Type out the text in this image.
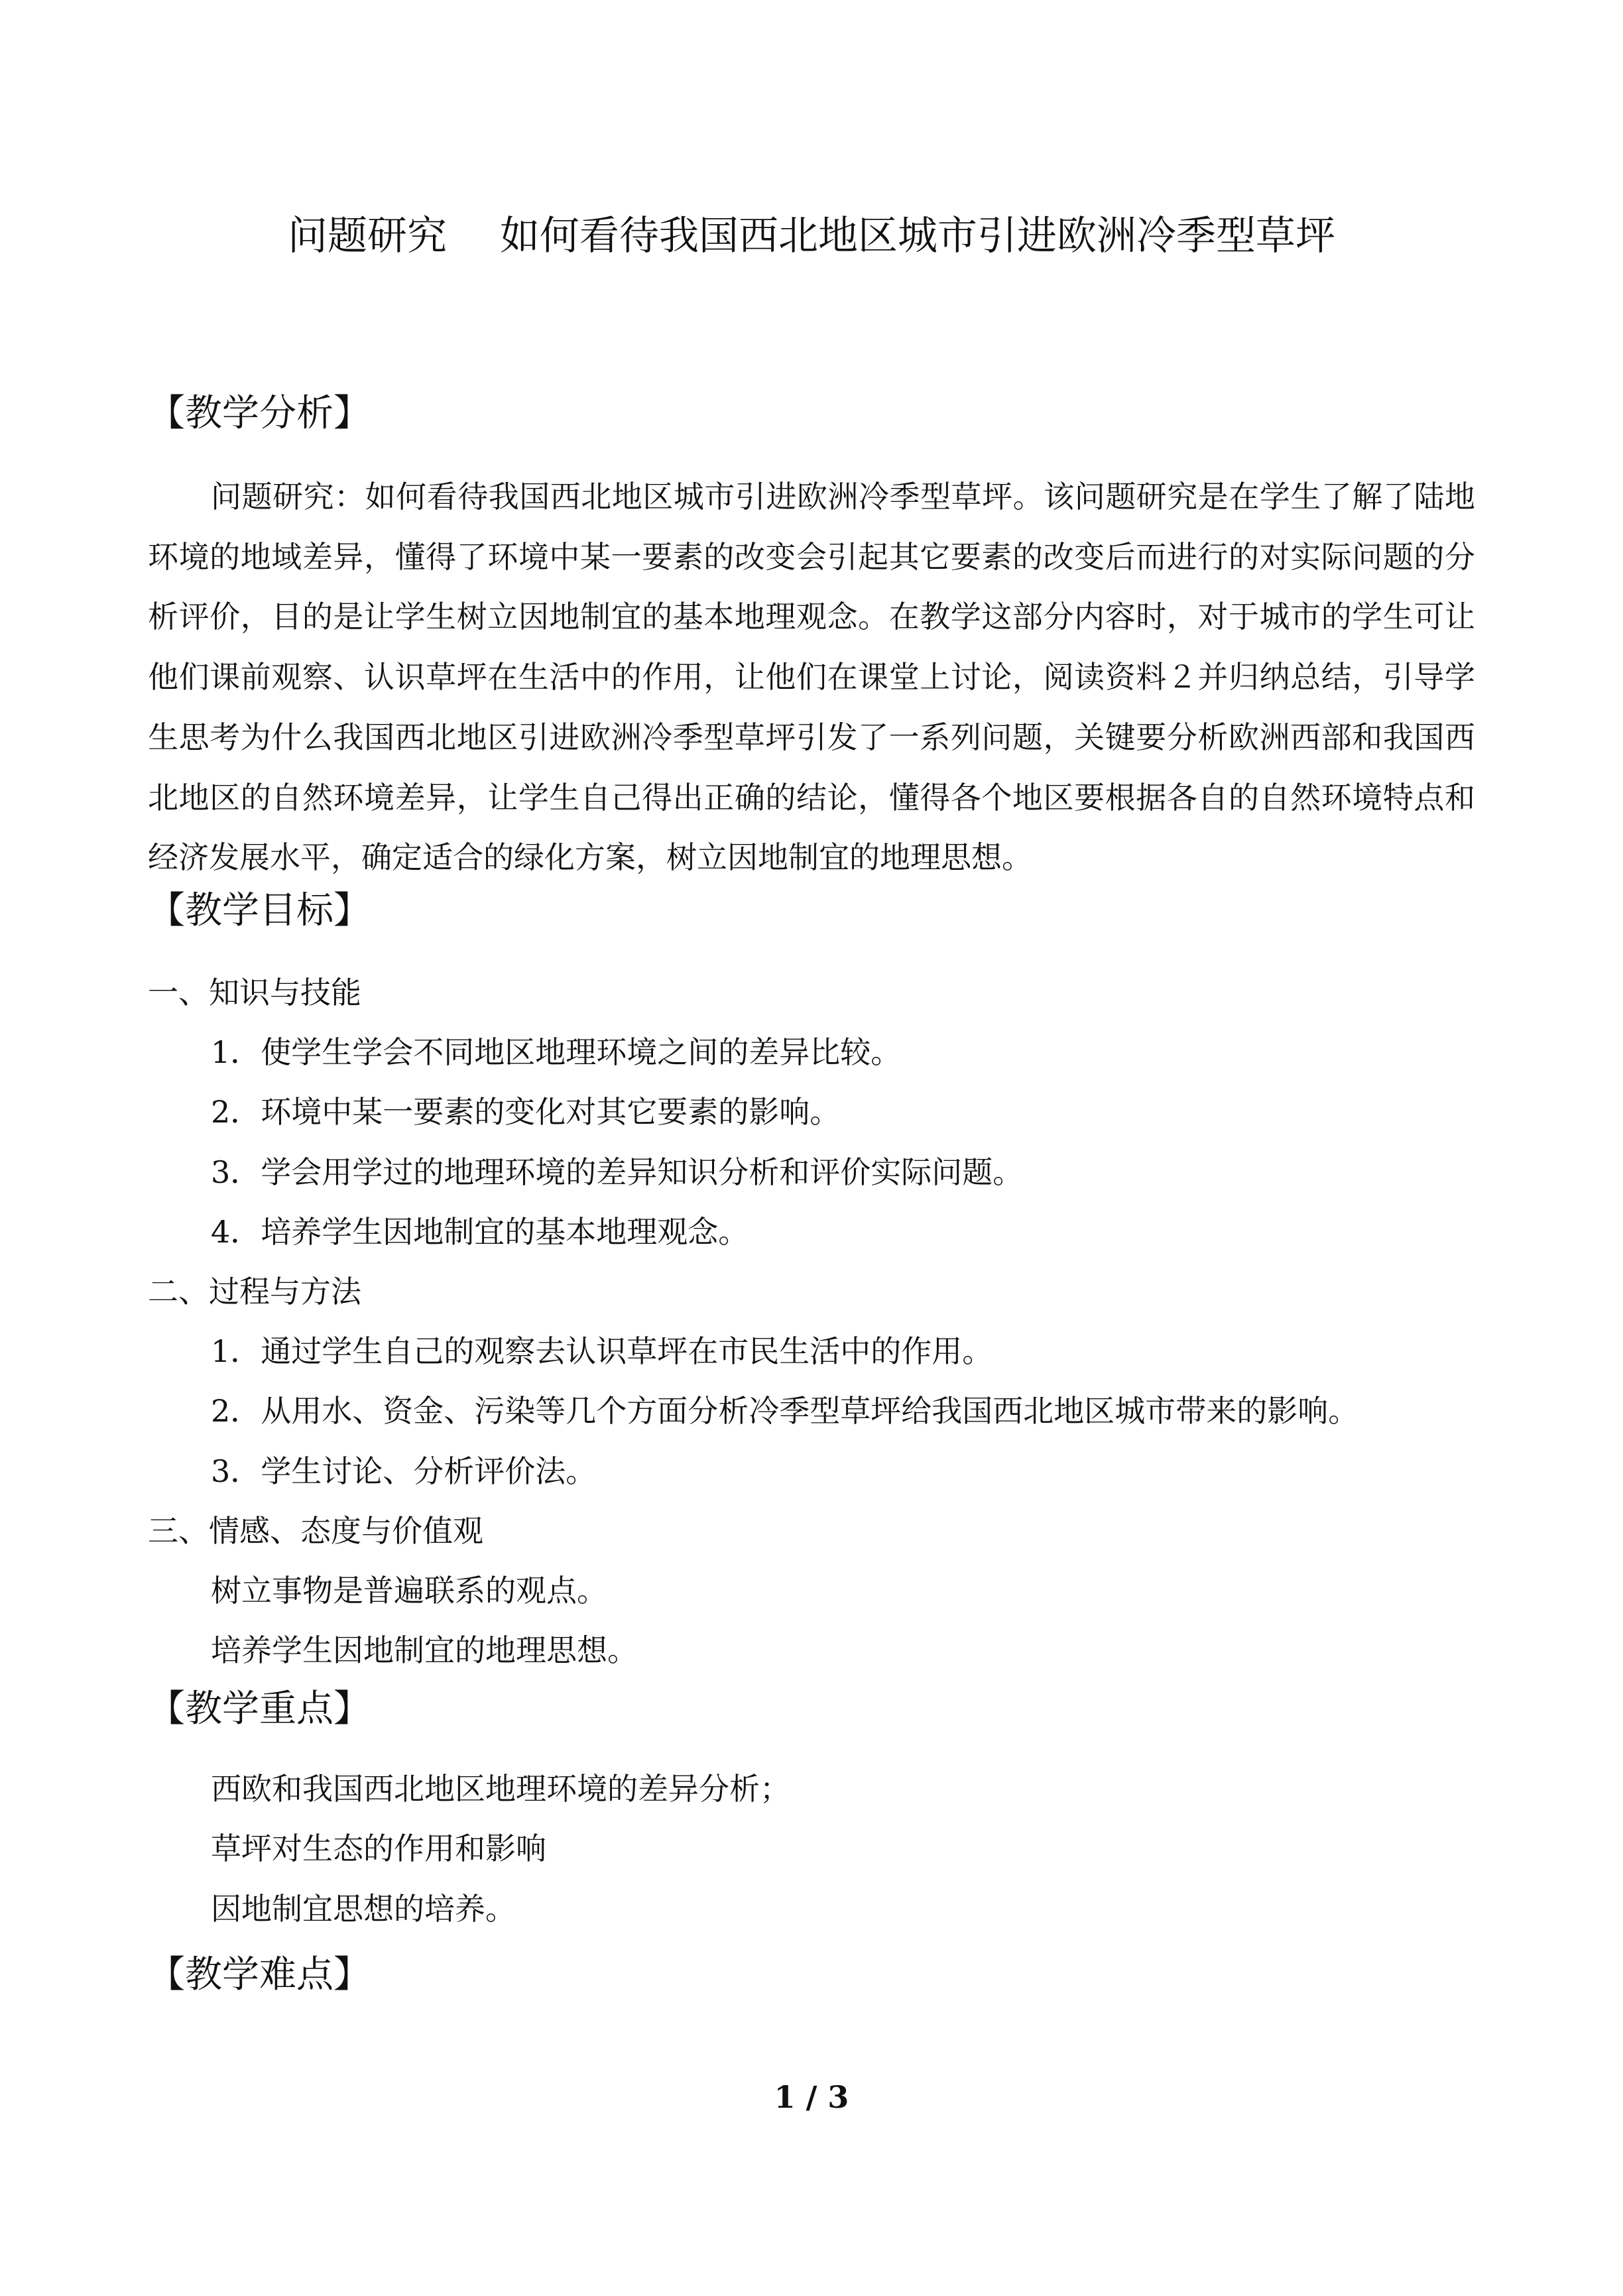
问题研究 如何看待我国西北地区城市引进欧洲冷季型草坪
【教学分析】
问题研究：如何看待我国西北地区城市引进欧洲冷季型草坪。该问题研究是在学生了解了陆地环境的地域差异，懂得了环境中某一要素的改变会引起其它要素的改变后而进行的对实际问题的分析评价，目的是让学生树立因地制宜的基本地理观念。在教学这部分内容时，对于城市的学生可让他们课前观察、认识草坪在生活中的作用，让他们在课堂上讨论，阅读资料２并归纳总结，引导学生思考为什么我国西北地区引进欧洲冷季型草坪引发了一系列问题，关键要分析欧洲西部和我国西北地区的自然环境差异，让学生自己得出正确的结论，懂得各个地区要根据各自的自然环境特点和经济发展水平，确定适合的绿化方案，树立因地制宜的地理思想。
【教学目标】
一、知识与技能
1．使学生学会不同地区地理环境之间的差异比较。
2．环境中某一要素的变化对其它要素的影响。
3．学会用学过的地理环境的差异知识分析和评价实际问题。
4．培养学生因地制宜的基本地理观念。
二、过程与方法
1．通过学生自己的观察去认识草坪在市民生活中的作用。
2．从用水、资金、污染等几个方面分析冷季型草坪给我国西北地区城市带来的影响。
3．学生讨论、分析评价法。
三、情感、态度与价值观
树立事物是普遍联系的观点。
培养学生因地制宜的地理思想。
【教学重点】
西欧和我国西北地区地理环境的差异分析；
草坪对生态的作用和影响
因地制宜思想的培养。
【教学难点】
1 / 3
